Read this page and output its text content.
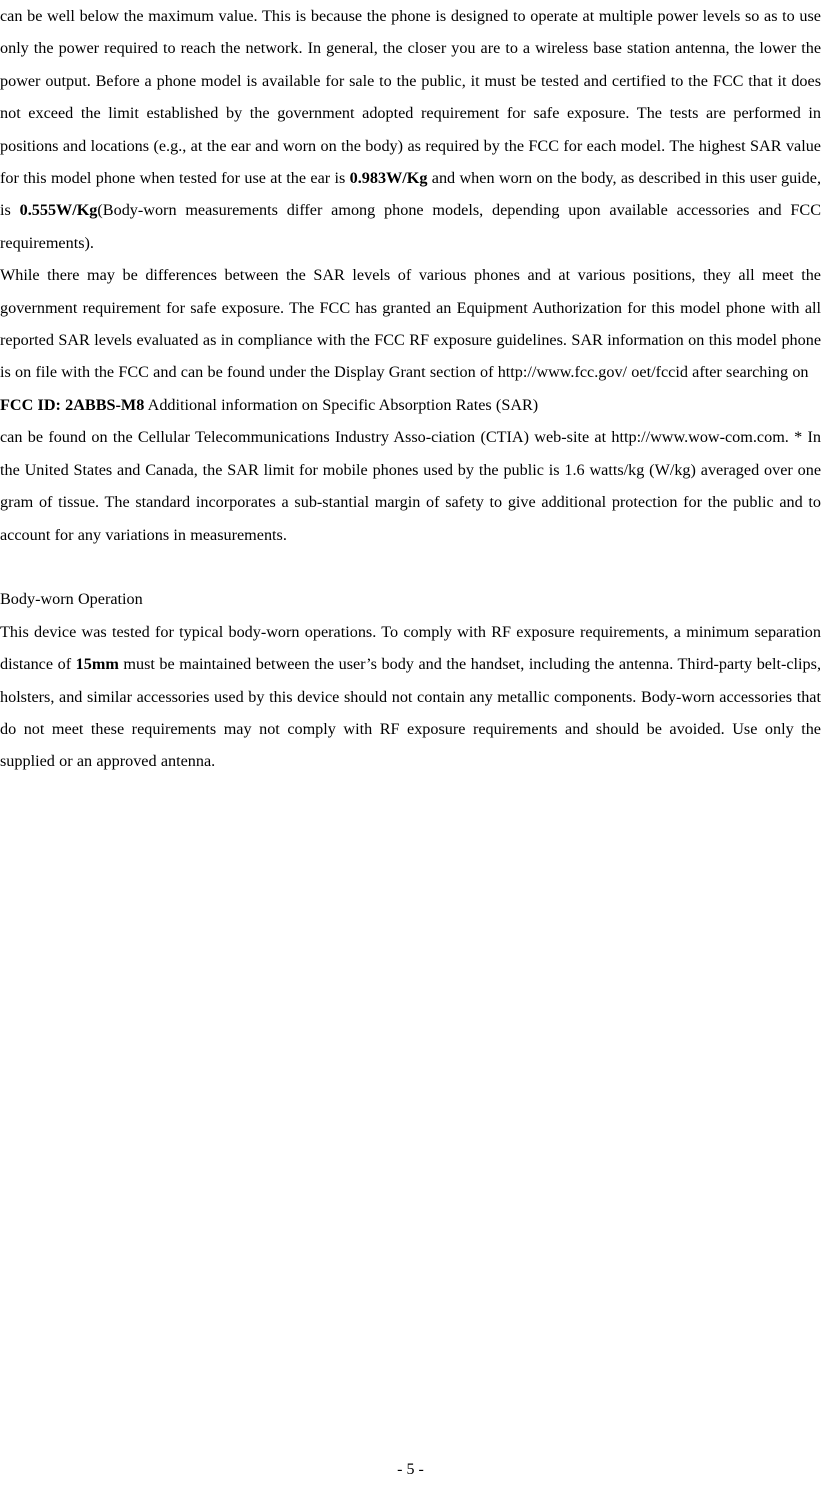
can be well below the maximum value. This is because the phone is designed to operate at multiple power levels so as to use only the power required to reach the network. In general, the closer you are to a wireless base station antenna, the lower the power output. Before a phone model is available for sale to the public, it must be tested and certified to the FCC that it does not exceed the limit established by the government adopted requirement for safe exposure. The tests are performed in positions and locations (e.g., at the ear and worn on the body) as required by the FCC for each model. The highest SAR value for this model phone when tested for use at the ear is 0.983W/Kg and when worn on the body, as described in this user guide, is 0.555W/Kg(Body-worn measurements differ among phone models, depending upon available accessories and FCC requirements).

While there may be differences between the SAR levels of various phones and at various positions, they all meet the government requirement for safe exposure. The FCC has granted an Equipment Authorization for this model phone with all reported SAR levels evaluated as in compliance with the FCC RF exposure guidelines. SAR information on this model phone is on file with the FCC and can be found under the Display Grant section of http://www.fcc.gov/ oet/fccid after searching on

FCC ID: 2ABBS-M8 Additional information on Specific Absorption Rates (SAR)

can be found on the Cellular Telecommunications Industry Asso-ciation (CTIA) web-site at http://www.wow-com.com. * In the United States and Canada, the SAR limit for mobile phones used by the public is 1.6 watts/kg (W/kg) averaged over one gram of tissue. The standard incorporates a sub-stantial margin of safety to give additional protection for the public and to account for any variations in measurements.

Body-worn Operation

This device was tested for typical body-worn operations. To comply with RF exposure requirements, a minimum separation distance of 15mm must be maintained between the user’s body and the handset, including the antenna. Third-party belt-clips, holsters, and similar accessories used by this device should not contain any metallic components. Body-worn accessories that do not meet these requirements may not comply with RF exposure requirements and should be avoided. Use only the supplied or an approved antenna.

- 5 -
